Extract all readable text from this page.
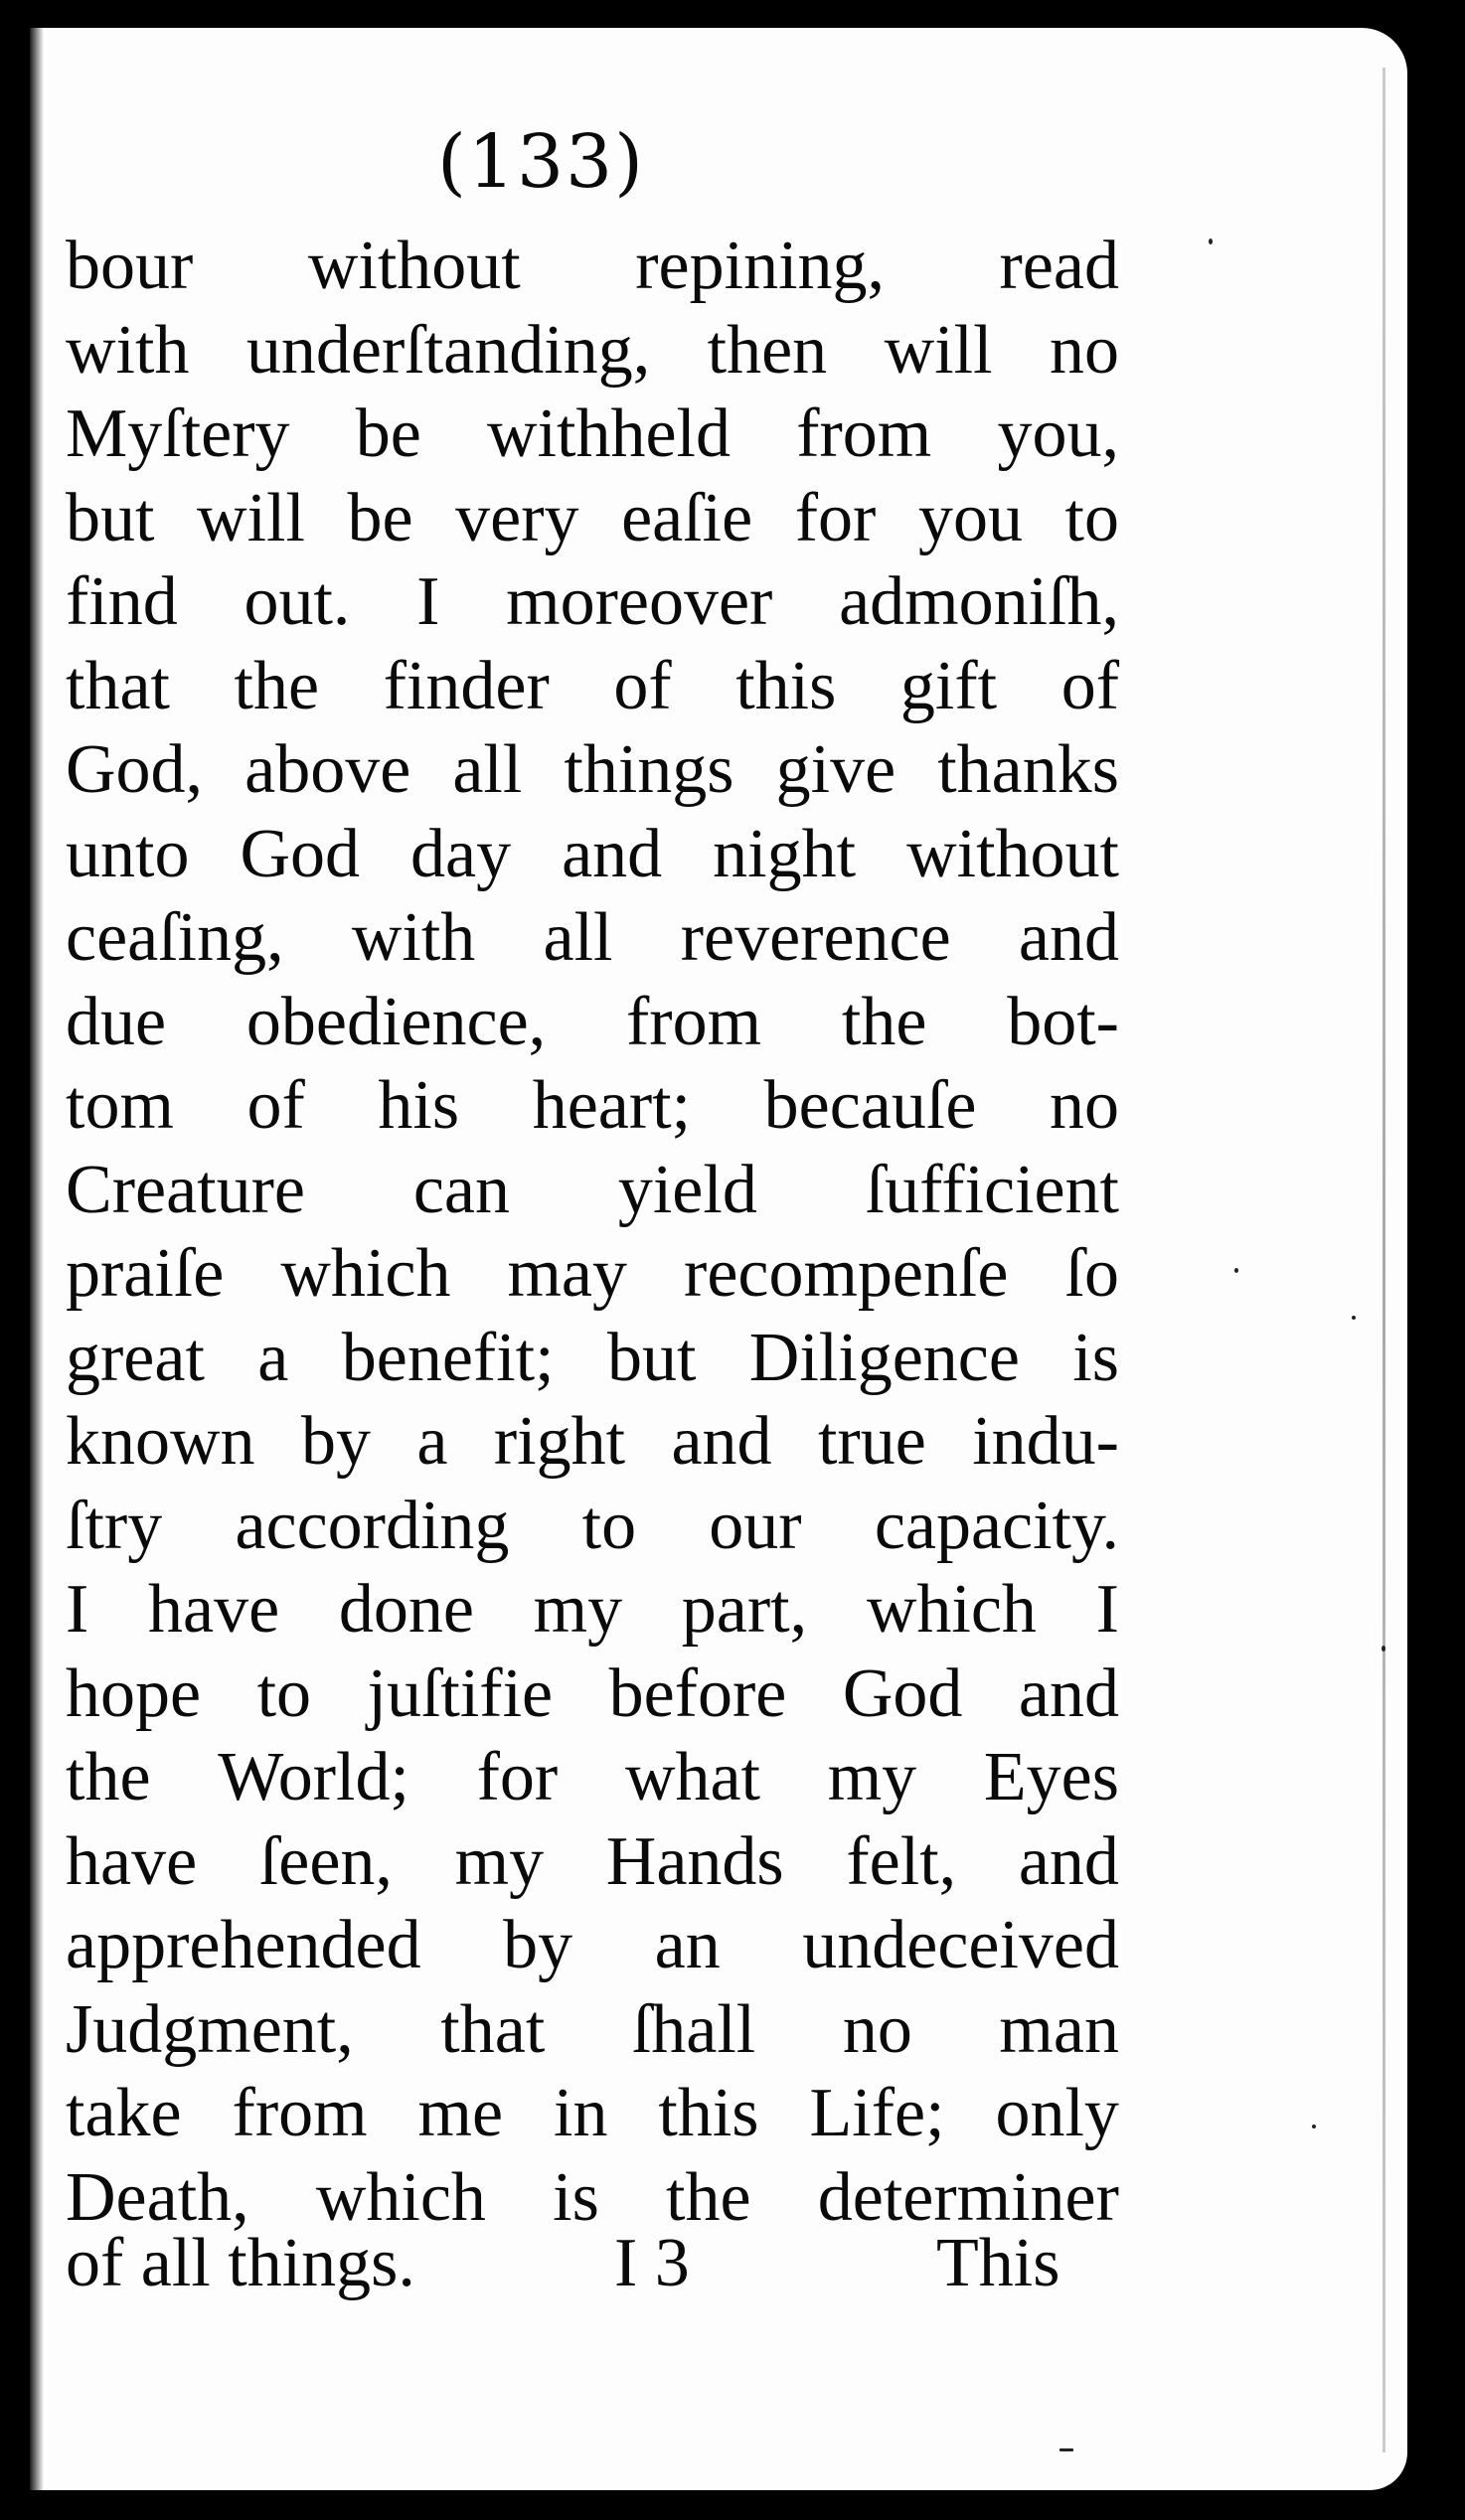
(133)
bour without repining, read
with underſtanding, then will no
Myſtery be withheld from you,
but will be very eaſie for you to
find out. I moreover admoniſh,
that the finder of this gift of
God, above all things give thanks
unto God day and night without
ceaſing, with all reverence and
due obedience, from the bot-
tom of his heart; becauſe no
Creature can yield ſufficient
praiſe which may recompenſe ſo
great a benefit; but Diligence is
known by a right and true indu-
ſtry according to our capacity.
I have done my part, which I
hope to juſtifie before God and
the World; for what my Eyes
have ſeen, my Hands felt, and
apprehended by an undeceived
Judgment, that ſhall no man
take from me in this Life; only
Death, which is the determiner
of all things.	I 3	This
